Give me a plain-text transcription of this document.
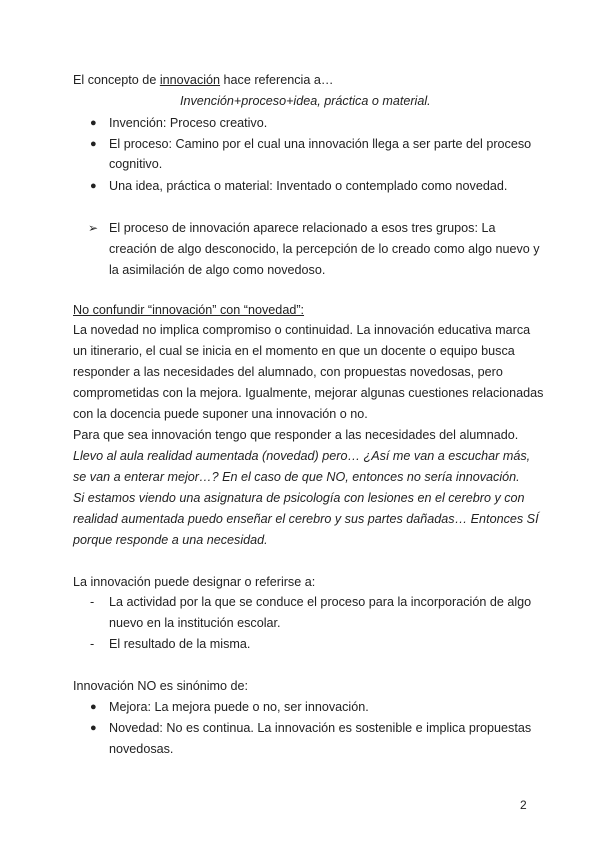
El concepto de innovación hace referencia a…
Invención+proceso+idea, práctica o material.
● Invención: Proceso creativo.
● El proceso: Camino por el cual una innovación llega a ser parte del proceso
cognitivo.
● Una idea, práctica o material: Inventado o contemplado como novedad.
➢ El proceso de innovación aparece relacionado a esos tres grupos: La
creación de algo desconocido, la percepción de lo creado como algo nuevo y
la asimilación de algo como novedoso.
No confundir “innovación” con “novedad”:
La novedad no implica compromiso o continuidad. La innovación educativa marca
un itinerario, el cual se inicia en el momento en que un docente o equipo busca
responder a las necesidades del alumnado, con propuestas novedosas, pero
comprometidas con la mejora. Igualmente, mejorar algunas cuestiones relacionadas
con la docencia puede suponer una innovación o no.
Para que sea innovación tengo que responder a las necesidades del alumnado.
Llevo al aula realidad aumentada (novedad) pero… ¿Así me van a escuchar más,
se van a enterar mejor…? En el caso de que NO, entonces no sería innovación.
Si estamos viendo una asignatura de psicología con lesiones en el cerebro y con
realidad aumentada puedo enseñar el cerebro y sus partes dañadas… Entonces SÍ
porque responde a una necesidad.
La innovación puede designar o referirse a:
- La actividad por la que se conduce el proceso para la incorporación de algo
nuevo en la institución escolar.
- El resultado de la misma.
Innovación NO es sinónimo de:
● Mejora: La mejora puede o no, ser innovación.
● Novedad: No es continua. La innovación es sostenible e implica propuestas
novedosas.
2
